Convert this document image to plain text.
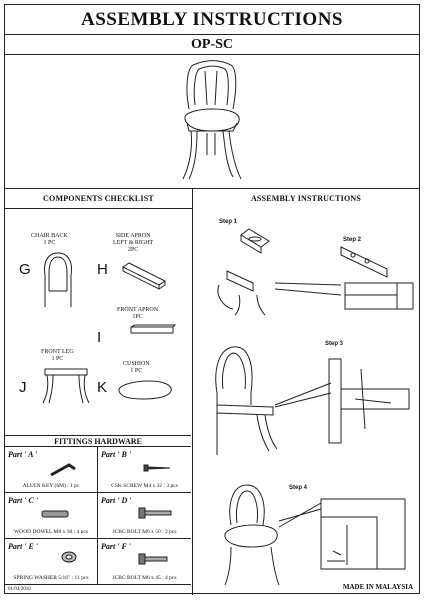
ASSEMBLY INSTRUCTIONS
OP-SC
COMPONENTS CHECKLIST
CHAIR BACK
1 PC
G
SIDE APRON
LEFT & RIGHT
2PC
H
FRONT APRON
1PC
I
FRONT LEG
1 PC
J
CUSHION
1 PC
K
FITTINGS HARDWARE
Part ' A '
ALLEN KEY (6M) : 1 pc
Part ' B '
CSK SCREW M4 x 32 : 3 pcs
Part ' C '
WOOD DOWEL M8 x 30 : 4 pcs
Part ' D '
JCBC BOLT M6 x 50 : 2 pcs
Part ' E '
SPRING WASHER 5/16" : 11 pcs
Part ' F '
JCBC BOLT M6 x 45 : 4 pcs
01/04/2010
ASSEMBLY INSTRUCTIONS
Step 1
Step 2
Step 3
Step 4
MADE IN MALAYSIA
